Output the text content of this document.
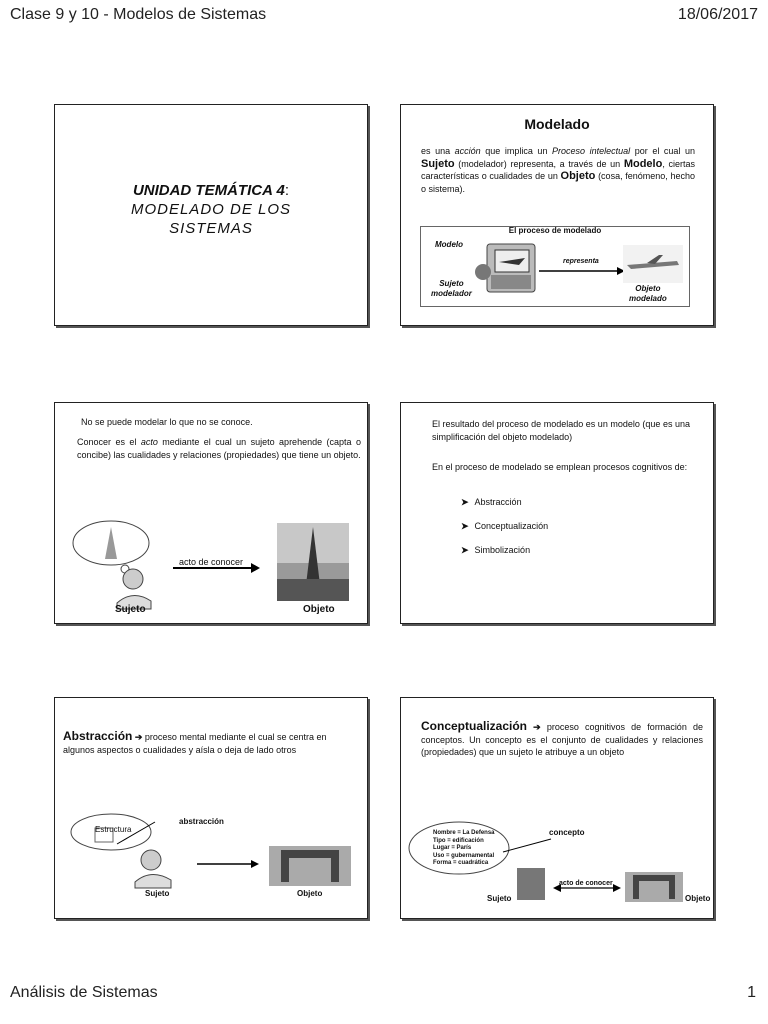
Clase 9 y 10 - Modelos de Sistemas	18/06/2017
Análisis de Sistemas	1
UNIDAD TEMÁTICA 4:
MODELADO DE LOS
SISTEMAS
Modelado
es una acción que implica un Proceso intelectual por el cual un Sujeto (modelador) representa, a través de un Modelo, ciertas características o cualidades de un Objeto (cosa, fenómeno, hecho o sistema).
El proceso de modelado
Modelo
Sujeto
modelador
representa
Objeto
modelado
No se puede modelar lo que no se conoce.
Conocer es el acto mediante el cual un sujeto aprehende (capta o concibe) las cualidades y relaciones (propiedades) que tiene un objeto.
acto de conocer
Sujeto	Objeto
El resultado del proceso de modelado es un modelo (que es una simplificación del objeto modelado)
En el proceso de modelado se emplean procesos cognitivos de:
➤ Abstracción
➤ Conceptualización
➤ Simbolización
Abstracción ➔ proceso mental mediante el cual se centra en algunos aspectos o cualidades y aísla o deja de lado otros
Estructura
abstracción
Sujeto	Objeto
Conceptualización ➔ proceso cognitivos de formación de conceptos. Un concepto es el conjunto de cualidades y relaciones (propiedades) que un sujeto le atribuye a un objeto
Nombre = La Defensa
Tipo = edificación
Lugar = París
Uso = gubernamental
Forma = cuadrática
concepto
acto de conocer
Sujeto	Objeto
